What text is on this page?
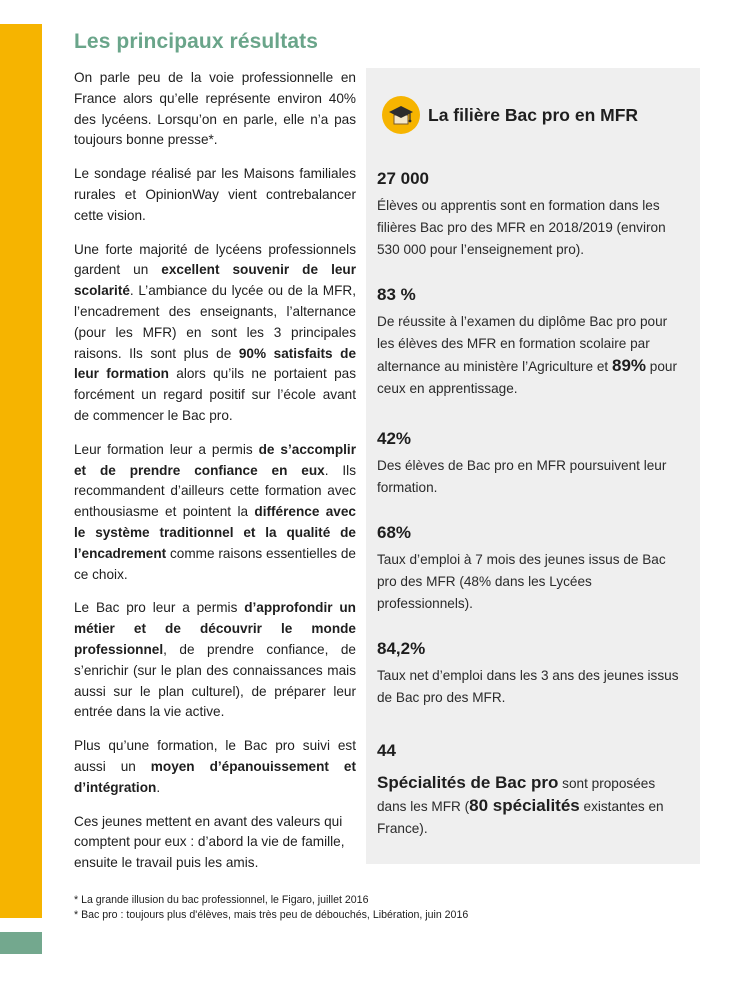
Les principaux résultats

On parle peu de la voie professionnelle en France alors qu’elle représente environ 40% des lycéens. Lorsqu’on en parle, elle n’a pas toujours bonne presse*.

Le sondage réalisé par les Maisons familiales rurales et OpinionWay vient contrebalancer cette vision.

Une forte majorité de lycéens professionnels gardent un excellent souvenir de leur scolarité. L’ambiance du lycée ou de la MFR, l’encadrement des enseignants, l’alternance (pour les MFR) en sont les 3 principales raisons. Ils sont plus de 90% satisfaits de leur formation alors qu’ils ne portaient pas forcément un regard positif sur l’école avant de commencer le Bac pro.

Leur formation leur a permis de s’accomplir et de prendre confiance en eux. Ils recommandent d’ailleurs cette formation avec enthousiasme et pointent la différence avec le système traditionnel et la qualité de l’encadrement comme raisons essentielles de ce choix.

Le Bac pro leur a permis d’approfondir un métier et de découvrir le monde professionnel, de prendre confiance, de s’enrichir (sur le plan des connaissances mais aussi sur le plan culturel), de préparer leur entrée dans la vie active.

Plus qu’une formation, le Bac pro suivi est aussi un moyen d’épanouissement et d’intégration.

Ces jeunes mettent en avant des valeurs qui comptent pour eux : d’abord la vie de famille, ensuite le travail puis les amis.

La filière Bac pro en MFR
27 000

Élèves ou apprentis sont en formation dans les filières Bac pro des MFR en 2018/2019 (environ 530 000 pour l’enseignement pro).

83 %

De réussite à l’examen du diplôme Bac pro pour les élèves des MFR en formation scolaire par alternance au ministère l’Agriculture et 89% pour ceux en apprentissage.

42%

Des élèves de Bac pro en MFR poursuivent leur formation.

68%

Taux d’emploi à 7 mois des jeunes issus de Bac pro des MFR (48% dans les Lycées professionnels).

84,2%

Taux net d’emploi dans les 3 ans des jeunes issus de Bac pro des MFR.

44

Spécialités de Bac pro sont proposées dans les MFR (80 spécialités existantes en France).

* La grande illusion du bac professionnel, le Figaro, juillet 2016
* Bac pro : toujours plus d'élèves, mais très peu de débouchés, Libération, juin 2016
